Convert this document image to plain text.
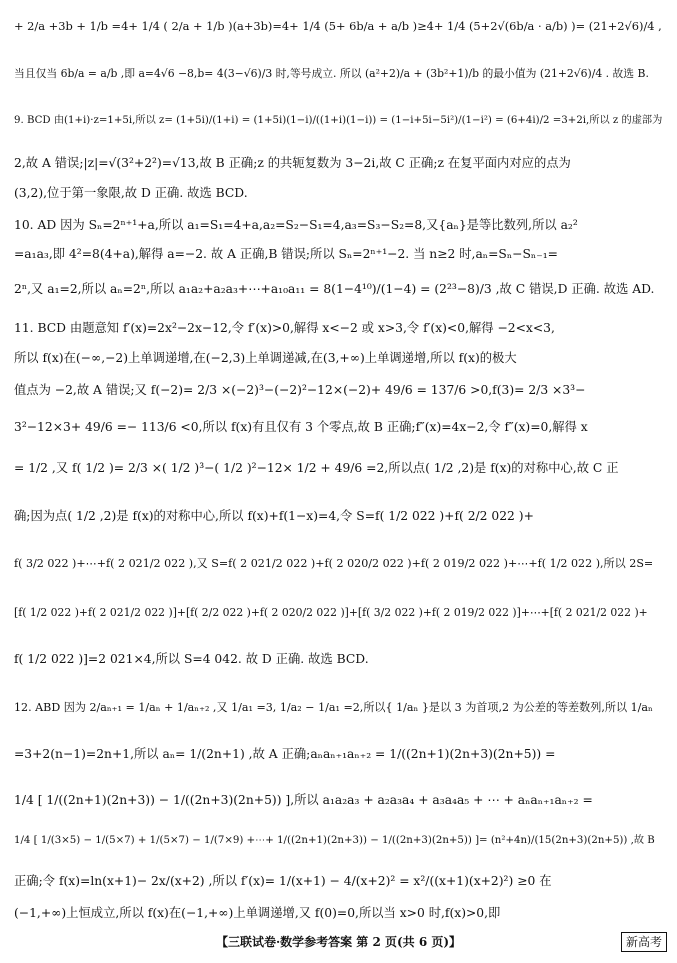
+ 2/a +3b + 1/b =4+ 1/4 ( 2/a + 1/b )(a+3b)=4+ 1/4 (5+ 6b/a + a/b )≥4+ 1/4 (5+2√(6b/a · a/b) )= (21+2√6)/4 ,
当且仅当 6b/a = a/b ,即 a=4√6 −8,b= 4(3−√6)/3 时,等号成立. 所以 (a²+2)/a + (3b²+1)/b 的最小值为 (21+2√6)/4 . 故选 B.
9. BCD 由(1+i)·z=1+5i,所以 z= (1+5i)/(1+i) = (1+5i)(1−i)/((1+i)(1−i)) = (1−i+5i−5i²)/(1−i²) = (6+4i)/2 =3+2i,所以 z 的虚部为
2,故 A 错误;|z|=√(3²+2²)=√13,故 B 正确;z 的共轭复数为 3−2i,故 C 正确;z 在复平面内对应的点为
(3,2),位于第一象限,故 D 正确. 故选 BCD.
10. AD 因为 Sₙ=2ⁿ⁺¹+a,所以 a₁=S₁=4+a,a₂=S₂−S₁=4,a₃=S₃−S₂=8,又{aₙ}是等比数列,所以 a₂²
=a₁a₃,即 4²=8(4+a),解得 a=−2. 故 A 正确,B 错误;所以 Sₙ=2ⁿ⁺¹−2. 当 n≥2 时,aₙ=Sₙ−Sₙ₋₁=
2ⁿ,又 a₁=2,所以 aₙ=2ⁿ,所以 a₁a₂+a₂a₃+⋯+a₁₀a₁₁ = 8(1−4¹⁰)/(1−4) = (2²³−8)/3 ,故 C 错误,D 正确. 故选 AD.
11. BCD 由题意知 f′(x)=2x²−2x−12,令 f′(x)>0,解得 x<−2 或 x>3,令 f′(x)<0,解得 −2<x<3,
所以 f(x)在(−∞,−2)上单调递增,在(−2,3)上单调递减,在(3,+∞)上单调递增,所以 f(x)的极大
值点为 −2,故 A 错误;又 f(−2)= 2/3 ×(−2)³−(−2)²−12×(−2)+ 49/6 = 137/6 >0,f(3)= 2/3 ×3³−
3²−12×3+ 49/6 =− 113/6 <0,所以 f(x)有且仅有 3 个零点,故 B 正确;f″(x)=4x−2,令 f″(x)=0,解得 x
= 1/2 ,又 f( 1/2 )= 2/3 ×( 1/2 )³−( 1/2 )²−12× 1/2 + 49/6 =2,所以点( 1/2 ,2)是 f(x)的对称中心,故 C 正
确;因为点( 1/2 ,2)是 f(x)的对称中心,所以 f(x)+f(1−x)=4,令 S=f( 1/2 022 )+f( 2/2 022 )+
f( 3/2 022 )+⋯+f( 2 021/2 022 ),又 S=f( 2 021/2 022 )+f( 2 020/2 022 )+f( 2 019/2 022 )+⋯+f( 1/2 022 ),所以 2S=
[f( 1/2 022 )+f( 2 021/2 022 )]+[f( 2/2 022 )+f( 2 020/2 022 )]+[f( 3/2 022 )+f( 2 019/2 022 )]+⋯+[f( 2 021/2 022 )+
f( 1/2 022 )]=2 021×4,所以 S=4 042. 故 D 正确. 故选 BCD.
12. ABD 因为 2/aₙ₊₁ = 1/aₙ + 1/aₙ₊₂ ,又 1/a₁ =3, 1/a₂ − 1/a₁ =2,所以{ 1/aₙ }是以 3 为首项,2 为公差的等差数列,所以 1/aₙ
=3+2(n−1)=2n+1,所以 aₙ= 1/(2n+1) ,故 A 正确;aₙaₙ₊₁aₙ₊₂ = 1/((2n+1)(2n+3)(2n+5)) =
1/4 [ 1/((2n+1)(2n+3)) − 1/((2n+3)(2n+5)) ],所以 a₁a₂a₃ + a₂a₃a₄ + a₃a₄a₅ + ⋯ + aₙaₙ₊₁aₙ₊₂ =
1/4 [ 1/(3×5) − 1/(5×7) + 1/(5×7) − 1/(7×9) +⋯+ 1/((2n+1)(2n+3)) − 1/((2n+3)(2n+5)) ]= (n²+4n)/(15(2n+3)(2n+5)) ,故 B
正确;令 f(x)=ln(x+1)− 2x/(x+2) ,所以 f′(x)= 1/(x+1) − 4/(x+2)² = x²/((x+1)(x+2)²) ≥0 在
(−1,+∞)上恒成立,所以 f(x)在(−1,+∞)上单调递增,又 f(0)=0,所以当 x>0 时,f(x)>0,即
【三联试卷·数学参考答案 第 2 页(共 6 页)】	新高考
